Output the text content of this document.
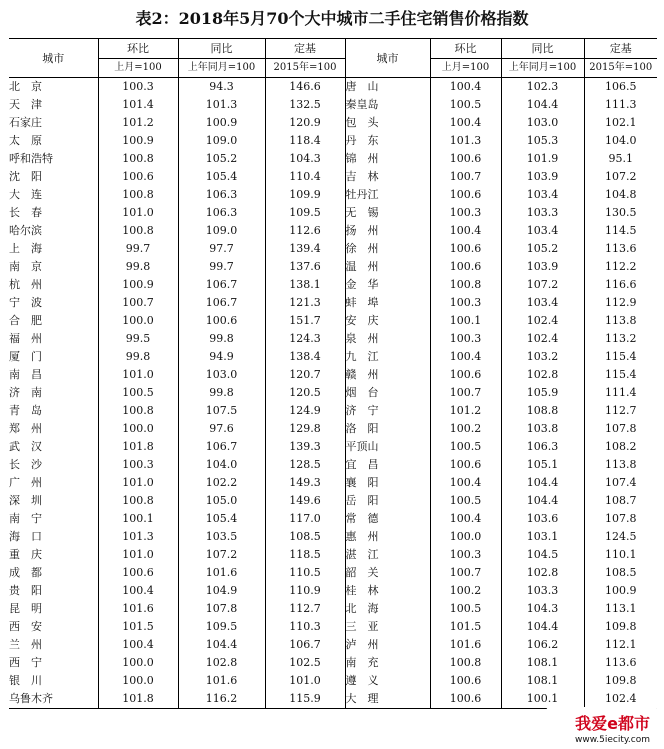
表2：2018年5月70个大中城市二手住宅销售价格指数
城市	环比	同比	定基	城市	环比	同比	定基
	上月=100	上年同月=100	2015年=100		上月=100	上年同月=100	2015年=100
北　京	100.3	94.3	146.6	唐　山	100.4	102.3	106.5
天　津	101.4	101.3	132.5	秦皇岛	100.5	104.4	111.3
石家庄	101.2	100.9	120.9	包　头	100.4	103.0	102.1
太　原	100.9	109.0	118.4	丹　东	101.3	105.3	104.0
呼和浩特	100.8	105.2	104.3	锦　州	100.6	101.9	95.1
沈　阳	100.6	105.4	110.4	吉　林	100.7	103.9	107.2
大　连	100.8	106.3	109.9	牡丹江	100.6	103.4	104.8
长　春	101.0	106.3	109.5	无　锡	100.3	103.3	130.5
哈尔滨	100.8	109.0	112.6	扬　州	100.4	103.4	114.5
上　海	99.7	97.7	139.4	徐　州	100.6	105.2	113.6
南　京	99.8	99.7	137.6	温　州	100.6	103.9	112.2
杭　州	100.9	106.7	138.1	金　华	100.8	107.2	116.6
宁　波	100.7	106.7	121.3	蚌　埠	100.3	103.4	112.9
合　肥	100.0	100.6	151.7	安　庆	100.1	102.4	113.8
福　州	99.5	99.8	124.3	泉　州	100.3	102.4	113.2
厦　门	99.8	94.9	138.4	九　江	100.4	103.2	115.4
南　昌	101.0	103.0	120.7	赣　州	100.6	102.8	115.4
济　南	100.5	99.8	120.5	烟　台	100.7	105.9	111.4
青　岛	100.8	107.5	124.9	济　宁	101.2	108.8	112.7
郑　州	100.0	97.6	129.8	洛　阳	100.2	103.8	107.8
武　汉	101.8	106.7	139.3	平顶山	100.5	106.3	108.2
长　沙	100.3	104.0	128.5	宜　昌	100.6	105.1	113.8
广　州	101.0	102.2	149.3	襄　阳	100.4	104.4	107.4
深　圳	100.8	105.0	149.6	岳　阳	100.5	104.4	108.7
南　宁	100.1	105.4	117.0	常　德	100.4	103.6	107.8
海　口	101.3	103.5	108.5	惠　州	100.0	103.1	124.5
重　庆	101.0	107.2	118.5	湛　江	100.3	104.5	110.1
成　都	100.6	101.6	110.5	韶　关	100.7	102.8	108.5
贵　阳	100.4	104.9	110.9	桂　林	100.2	103.3	100.9
昆　明	101.6	107.8	112.7	北　海	100.5	104.3	113.1
西　安	101.5	109.5	110.3	三　亚	101.5	104.4	109.8
兰　州	100.4	104.4	106.7	泸　州	101.6	106.2	112.1
西　宁	100.0	102.8	102.5	南　充	100.8	108.1	113.6
银　川	100.0	101.6	101.0	遵　义	100.6	108.1	109.8
乌鲁木齐	101.8	116.2	115.9	大　理	100.6	100.1	102.4
我爱e都市
www.5iecity.com
